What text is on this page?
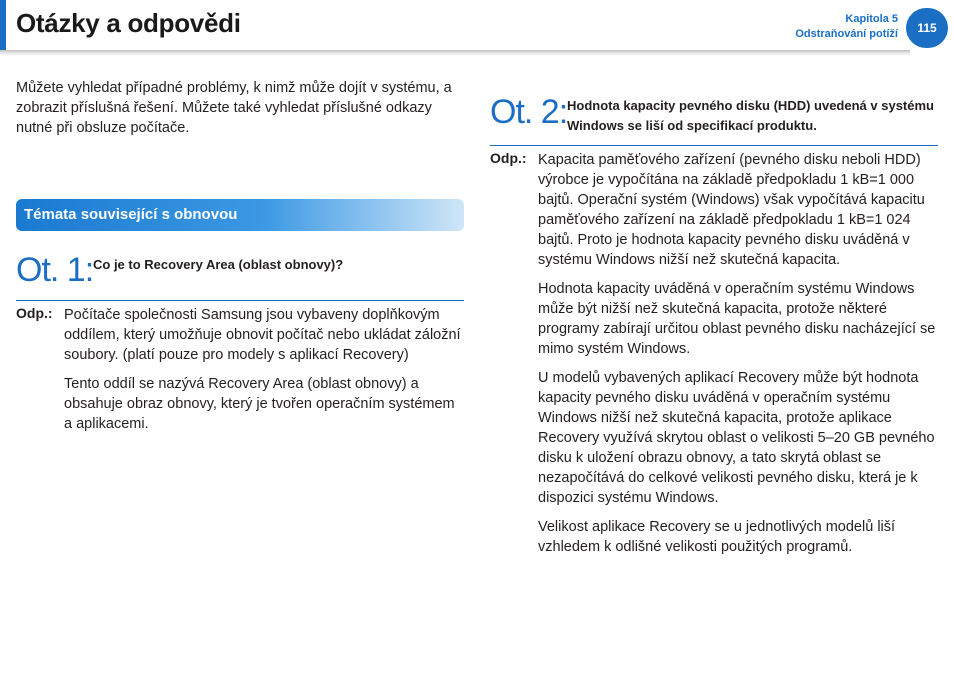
Otázky a odpovědi	Kapitola 5
Odstraňování potíží	115

Můžete vyhledat případné problémy, k nimž může dojít v systému, a zobrazit příslušná řešení. Můžete také vyhledat příslušné odkazy nutné při obsluze počítače.

Témata související s obnovou
Ot. 1: Co je to Recovery Area (oblast obnovy)?
Odp.: Počítače společnosti Samsung jsou vybaveny doplňkovým oddílem, který umožňuje obnovit počítač nebo ukládat záložní soubory. (platí pouze pro modely s aplikací Recovery)

Tento oddíl se nazývá Recovery Area (oblast obnovy) a obsahuje obraz obnovy, který je tvořen operačním systémem a aplikacemi.

Ot. 2: Hodnota kapacity pevného disku (HDD) uvedená v systému Windows se liší od specifikací produktu.
Odp.: Kapacita paměťového zařízení (pevného disku neboli HDD) výrobce je vypočítána na základě předpokladu 1 kB=1 000 bajtů. Operační systém (Windows) však vypočítává kapacitu paměťového zařízení na základě předpokladu 1 kB=1 024 bajtů. Proto je hodnota kapacity pevného disku uváděná v systému Windows nižší než skutečná kapacita.

Hodnota kapacity uváděná v operačním systému Windows může být nižší než skutečná kapacita, protože některé programy zabírají určitou oblast pevného disku nacházející se mimo systém Windows.

U modelů vybavených aplikací Recovery může být hodnota kapacity pevného disku uváděná v operačním systému Windows nižší než skutečná kapacita, protože aplikace Recovery využívá skrytou oblast o velikosti 5–20 GB pevného disku k uložení obrazu obnovy, a tato skrytá oblast se nezapočítává do celkové velikosti pevného disku, která je k dispozici systému Windows.

Velikost aplikace Recovery se u jednotlivých modelů liší vzhledem k odlišné velikosti použitých programů.
